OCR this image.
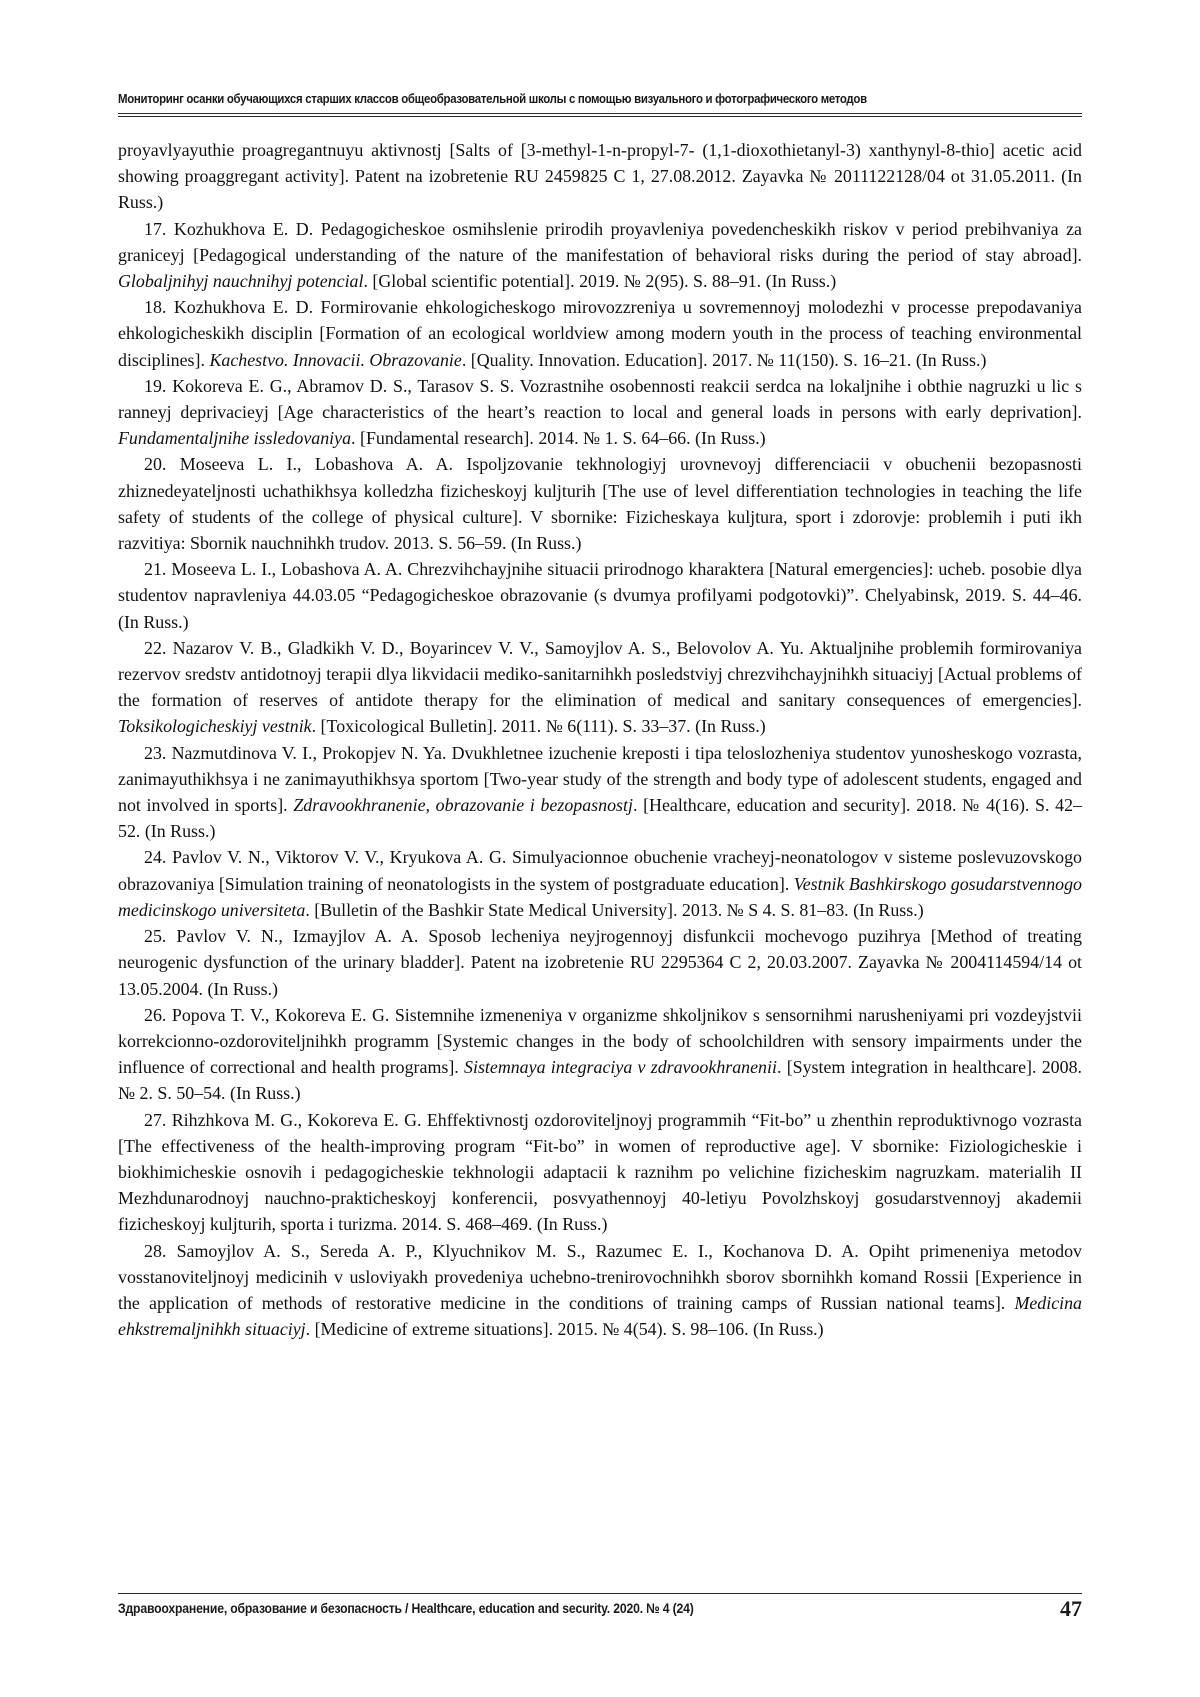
Мониторинг осанки обучающихся старших классов общеобразовательной школы с помощью визуального и фотографического методов

proyavlyayuthie proagregantnuyu aktivnostj [Salts of [3-methyl-1-n-propyl-7- (1,1-dioxothietanyl-3) xanthynyl-8-thio] acetic acid showing proaggregant activity]. Patent na izobretenie RU 2459825 C 1, 27.08.2012. Zayavka № 2011122128/04 ot 31.05.2011. (In Russ.)

17. Kozhukhova E. D. Pedagogicheskoe osmihslenie prirodih proyavleniya povedencheskikh riskov v period prebihvaniya za graniceyj [Pedagogical understanding of the nature of the manifestation of behavioral risks during the period of stay abroad]. Globaljnihyj nauchnihyj potencial. [Global scientific potential]. 2019. № 2(95). S. 88–91. (In Russ.)

18. Kozhukhova E. D. Formirovanie ehkologicheskogo mirovozzreniya u sovremennoyj molodezhi v processe prepodavaniya ehkologicheskikh disciplin [Formation of an ecological worldview among modern youth in the process of teaching environmental disciplines]. Kachestvo. Innovacii. Obrazovanie. [Quality. Innovation. Education]. 2017. № 11(150). S. 16–21. (In Russ.)

19. Kokoreva E. G., Abramov D. S., Tarasov S. S. Vozrastnihe osobennosti reakcii serdca na lokaljnihe i obthie nagruzki u lic s ranneyj deprivacieyj [Age characteristics of the heart’s reaction to local and general loads in persons with early deprivation]. Fundamentaljnihe issledovaniya. [Fundamental research]. 2014. № 1. S. 64–66. (In Russ.)

20. Moseeva L. I., Lobashova A. A. Ispoljzovanie tekhnologiyj urovnevoyj differenciacii v obuchenii bezopasnosti zhiznedeyateljnosti uchathikhsya kolledzha fizicheskoyj kuljturih [The use of level differentiation technologies in teaching the life safety of students of the college of physical culture]. V sbornike: Fizicheskaya kuljtura, sport i zdorovje: problemih i puti ikh razvitiya: Sbornik nauchnihkh trudov. 2013. S. 56–59. (In Russ.)

21. Moseeva L. I., Lobashova A. A. Chrezvihchayjnihe situacii prirodnogo kharaktera [Natural emergencies]: ucheb. posobie dlya studentov napravleniya 44.03.05 “Pedagogicheskoe obrazovanie (s dvumya profilyami podgotovki)”. Chelyabinsk, 2019. S. 44–46. (In Russ.)

22. Nazarov V. B., Gladkikh V. D., Boyarincev V. V., Samoyjlov A. S., Belovolov A. Yu. Aktualjnihe problemih formirovaniya rezervov sredstv antidotnoyj terapii dlya likvidacii mediko-sanitarnihkh posledstviyj chrezvihchayjnihkh situaciyj [Actual problems of the formation of reserves of antidote therapy for the elimination of medical and sanitary consequences of emergencies]. Toksikologicheskiyj vestnik. [Toxicological Bulletin]. 2011. № 6(111). S. 33–37. (In Russ.)

23. Nazmutdinova V. I., Prokopjev N. Ya. Dvukhletnee izuchenie kreposti i tipa teloslozheniya studentov yunosheskogo vozrasta, zanimayuthikhsya i ne zanimayuthikhsya sportom [Two-year study of the strength and body type of adolescent students, engaged and not involved in sports]. Zdravookhranenie, obrazovanie i bezopasnostj. [Healthcare, education and security]. 2018. № 4(16). S. 42–52. (In Russ.)

24. Pavlov V. N., Viktorov V. V., Kryukova A. G. Simulyacionnoe obuchenie vracheyj-neonatologov v sisteme poslevuzovskogo obrazovaniya [Simulation training of neonatologists in the system of postgraduate education]. Vestnik Bashkirskogo gosudarstvennogo medicinskogo universiteta. [Bulletin of the Bashkir State Medical University]. 2013. № S 4. S. 81–83. (In Russ.)

25. Pavlov V. N., Izmayjlov A. A. Sposob lecheniya neyjrogennoyj disfunkcii mochevogo puzihrya [Method of treating neurogenic dysfunction of the urinary bladder]. Patent na izobretenie RU 2295364 C 2, 20.03.2007. Zayavka № 2004114594/14 ot 13.05.2004. (In Russ.)

26. Popova T. V., Kokoreva E. G. Sistemnihe izmeneniya v organizme shkoljnikov s sensornihmi narusheniyami pri vozdeyjstvii korrekcionno-ozdoroviteljnihkh programm [Systemic changes in the body of schoolchildren with sensory impairments under the influence of correctional and health programs]. Sistemnaya integraciya v zdravookhranenii. [System integration in healthcare]. 2008. № 2. S. 50–54. (In Russ.)

27. Rihzhkova M. G., Kokoreva E. G. Ehffektivnostj ozdoroviteljnoyj programmih “Fit-bo” u zhenthin reproduktivnogo vozrasta [The effectiveness of the health-improving program “Fit-bo” in women of reproductive age]. V sbornike: Fiziologicheskie i biokhimicheskie osnovih i pedagogicheskie tekhnologii adaptacii k raznihm po velichine fizicheskim nagruzkam. materialih II Mezhdunarodnoyj nauchno-prakticheskoyj konferencii, posvyathennoyj 40-letiyu Povolzhskoyj gosudarstvennoyj akademii fizicheskoyj kuljturih, sporta i turizma. 2014. S. 468–469. (In Russ.)

28. Samoyjlov A. S., Sereda A. P., Klyuchnikov M. S., Razumec E. I., Kochanova D. A. Opiht primeneniya metodov vosstanoviteljnoyj medicinih v usloviyakh provedeniya uchebno-trenirovochnihkh sborov sbornihkh komand Rossii [Experience in the application of methods of restorative medicine in the conditions of training camps of Russian national teams]. Medicina ehkstremaljnihkh situaciyj. [Medicine of extreme situations]. 2015. № 4(54). S. 98–106. (In Russ.)

Здравоохранение, образование и безопасность / Healthcare, education and security. 2020. № 4 (24)	47
